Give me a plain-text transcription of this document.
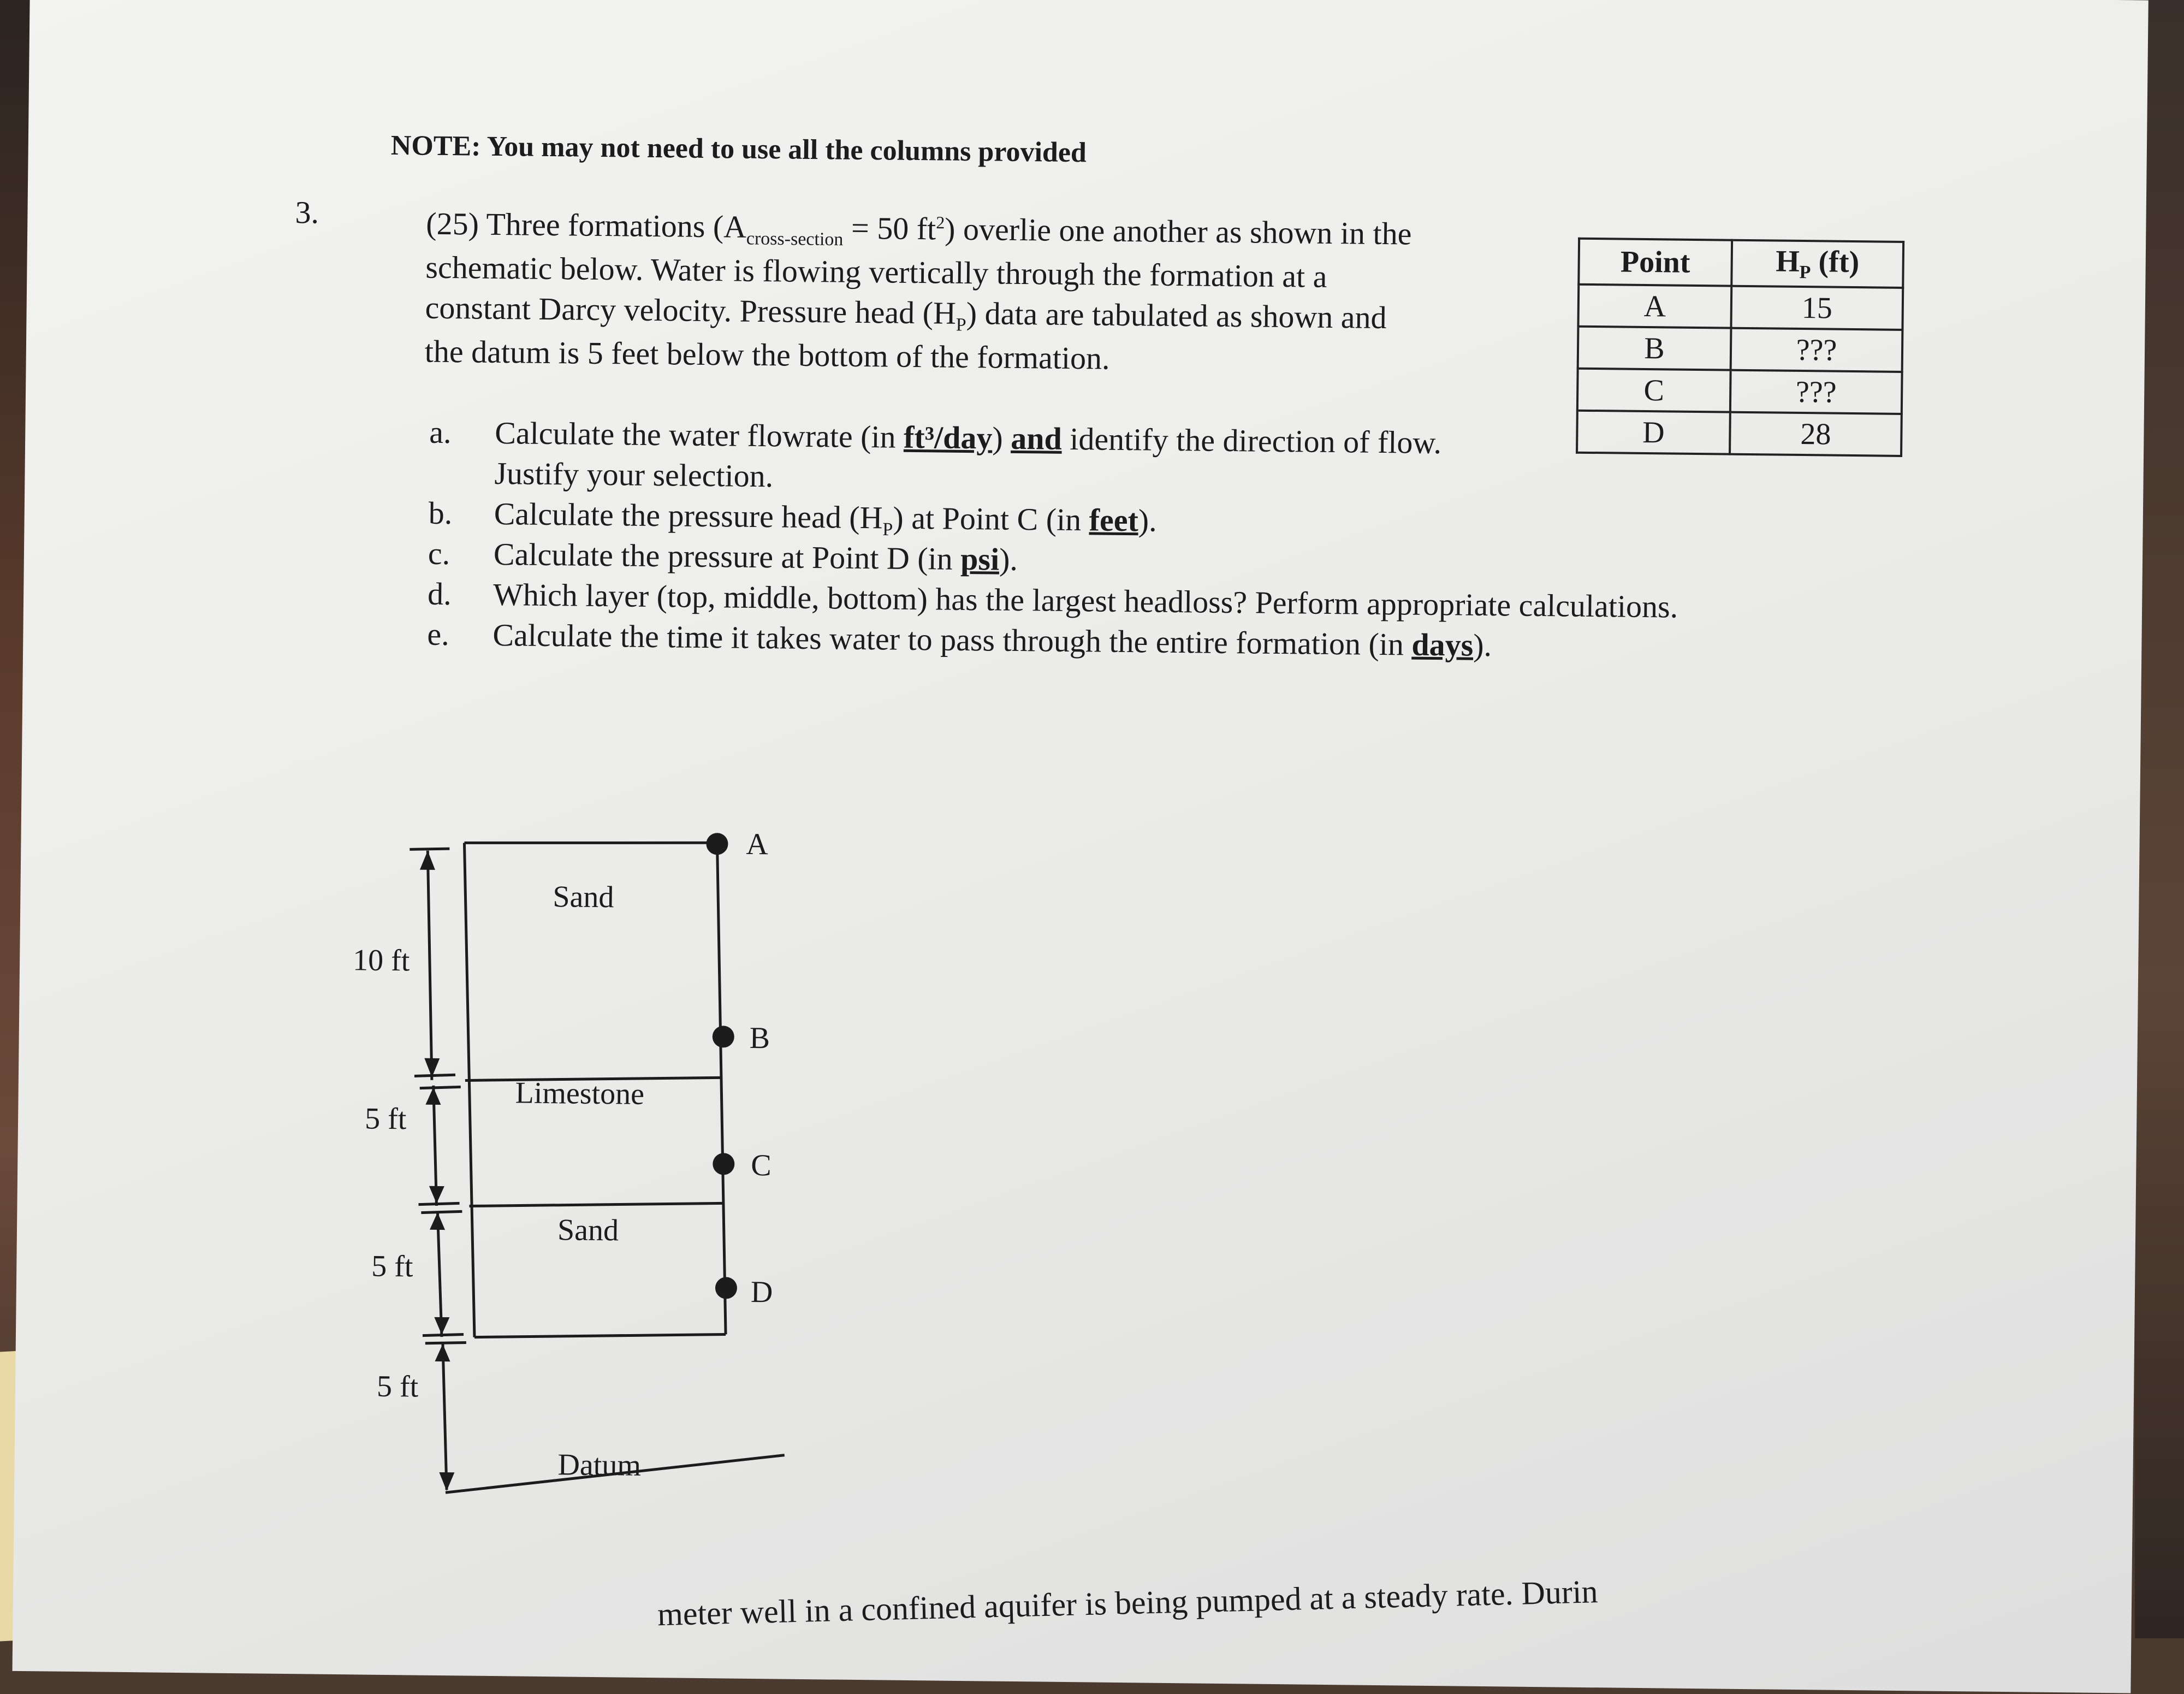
NOTE: You may not need to use all the columns provided
3.	(25) Three formations ($A_{cross-section} = 50$ $ft^2$) overlie one another as shown in the
schematic below. Water is flowing vertically through the formation at a
constant Darcy velocity. Pressure head $(H_P)$ data are tabulated as shown and
the datum is 5 feet below the bottom of the formation.
Point	$H_P$ (ft)
A	15
B	???
C	???
D	28
a. Calculate the water flowrate (in ft³/day) and identify the direction of flow.
Justify your selection.
b. Calculate the pressure head $(H_P)$ at Point C (in feet).
c. Calculate the pressure at Point D (in psi).
d. Which layer (top, middle, bottom) has the largest headloss? Perform appropriate calculations.
e. Calculate the time it takes water to pass through the entire formation (in days).
Sand
Limestone
Sand
A
B
C
D
10 ft
5 ft
5 ft
5 ft
Datum
meter well in a confined aquifer is being pumped at a steady rate. Durin
